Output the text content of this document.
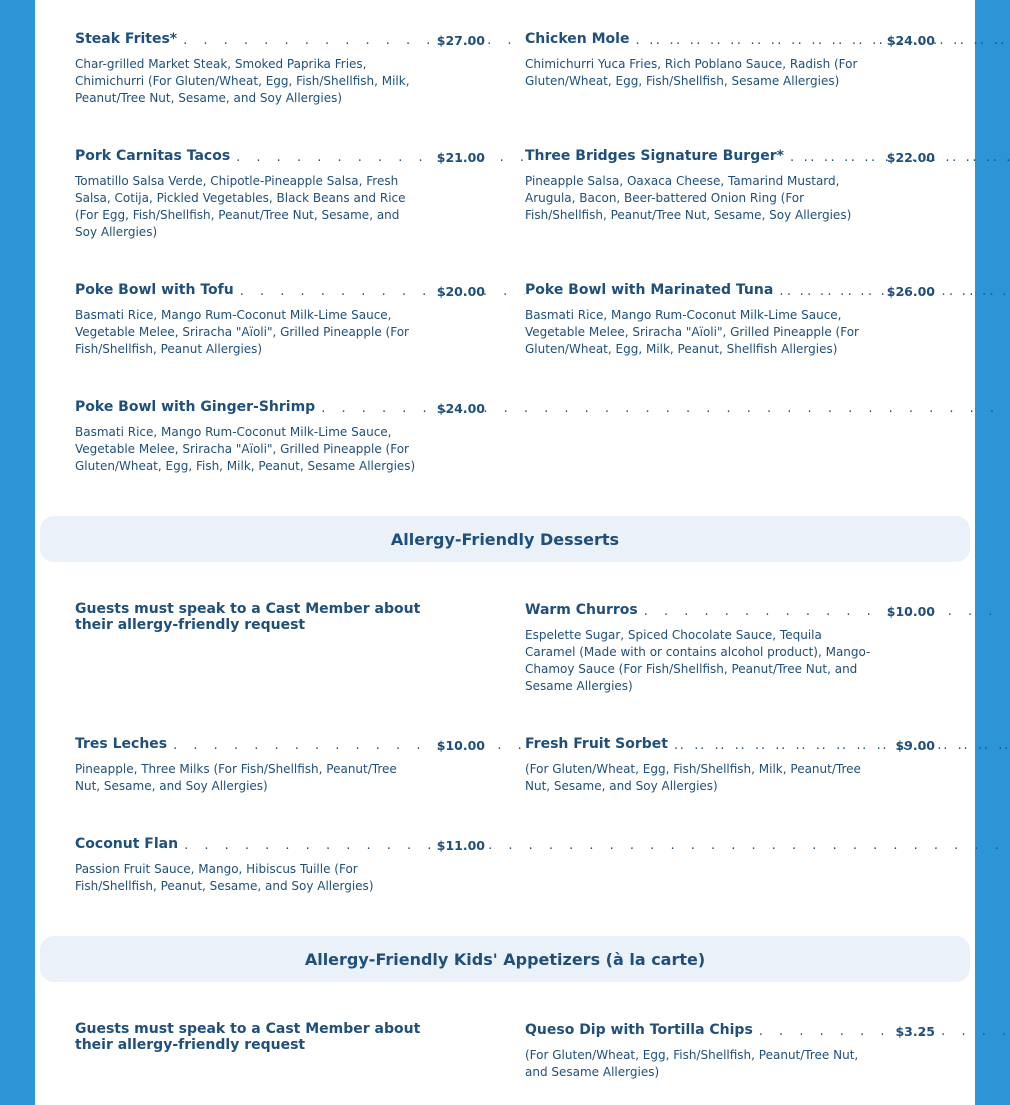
Steak Frites* . . .	$27.00
Char-grilled Market Steak, Smoked Paprika Fries, Chimichurri (For Gluten/Wheat, Egg, Fish/Shellfish, Milk, Peanut/Tree Nut, Sesame, and Soy Allergies)
Chicken Mole . . .	$24.00
Chimichurri Yuca Fries, Rich Poblano Sauce, Radish (For Gluten/Wheat, Egg, Fish/Shellfish, Sesame Allergies)
Pork Carnitas Tacos . . .	$21.00
Tomatillo Salsa Verde, Chipotle-Pineapple Salsa, Fresh Salsa, Cotija, Pickled Vegetables, Black Beans and Rice (For Egg, Fish/Shellfish, Peanut/Tree Nut, Sesame, and Soy Allergies)
Three Bridges Signature Burger* . . .	$22.00
Pineapple Salsa, Oaxaca Cheese, Tamarind Mustard, Arugula, Bacon, Beer-battered Onion Ring (For Fish/Shellfish, Peanut/Tree Nut, Sesame, Soy Allergies)
Poke Bowl with Tofu . . .	$20.00
Basmati Rice, Mango Rum-Coconut Milk-Lime Sauce, Vegetable Melee, Sriracha "Aïoli", Grilled Pineapple (For Fish/Shellfish, Peanut Allergies)
Poke Bowl with Marinated Tuna . . .	$26.00
Basmati Rice, Mango Rum-Coconut Milk-Lime Sauce, Vegetable Melee, Sriracha "Aïoli", Grilled Pineapple (For Gluten/Wheat, Egg, Milk, Peanut, Shellfish Allergies)
Poke Bowl with Ginger-Shrimp . . .	$24.00
Basmati Rice, Mango Rum-Coconut Milk-Lime Sauce, Vegetable Melee, Sriracha "Aïoli", Grilled Pineapple (For Gluten/Wheat, Egg, Fish, Milk, Peanut, Sesame Allergies)
Allergy-Friendly Desserts
Guests must speak to a Cast Member about their allergy-friendly request
Warm Churros . . .	$10.00
Espelette Sugar, Spiced Chocolate Sauce, Tequila Caramel (Made with or contains alcohol product), Mango-Chamoy Sauce (For Fish/Shellfish, Peanut/Tree Nut, and Sesame Allergies)
Tres Leches . . .	$10.00
Pineapple, Three Milks (For Fish/Shellfish, Peanut/Tree Nut, Sesame, and Soy Allergies)
Fresh Fruit Sorbet . . .	$9.00
(For Gluten/Wheat, Egg, Fish/Shellfish, Milk, Peanut/Tree Nut, Sesame, and Soy Allergies)
Coconut Flan . . .	$11.00
Passion Fruit Sauce, Mango, Hibiscus Tuille (For Fish/Shellfish, Peanut, Sesame, and Soy Allergies)
Allergy-Friendly Kids' Appetizers (à la carte)
Guests must speak to a Cast Member about their allergy-friendly request
Queso Dip with Tortilla Chips . . .	$3.25
(For Gluten/Wheat, Egg, Fish/Shellfish, Peanut/Tree Nut, and Sesame Allergies)
